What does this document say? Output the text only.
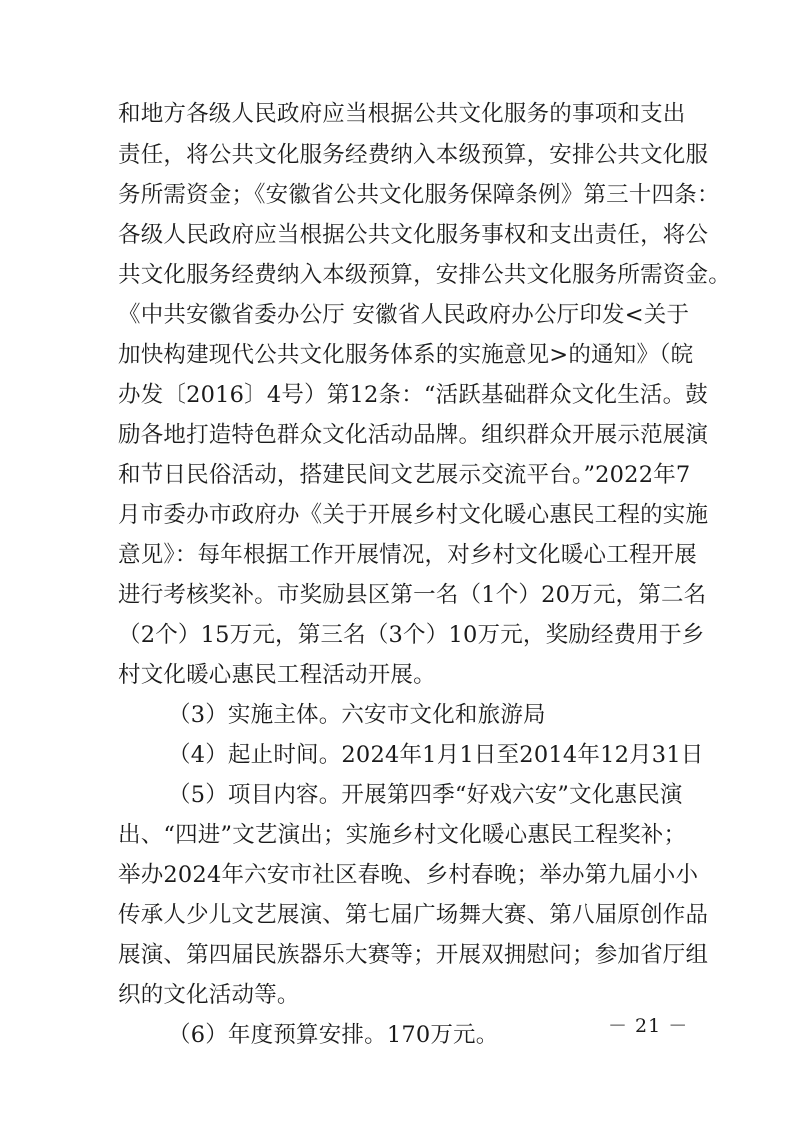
和地方各级人民政府应当根据公共文化服务的事项和支出
责任，将公共文化服务经费纳入本级预算，安排公共文化服
务所需资金；《安徽省公共文化服务保障条例》第三十四条：
各级人民政府应当根据公共文化服务事权和支出责任，将公
共文化服务经费纳入本级预算，安排公共文化服务所需资金。
《中共安徽省委办公厅 安徽省人民政府办公厅印发<关于
加快构建现代公共文化服务体系的实施意见>的通知》（皖
办发〔2016〕4号）第12条：“活跃基础群众文化生活。鼓
励各地打造特色群众文化活动品牌。组织群众开展示范展演
和节日民俗活动，搭建民间文艺展示交流平台。”2022年7
月市委办市政府办《关于开展乡村文化暖心惠民工程的实施
意见》：每年根据工作开展情况，对乡村文化暖心工程开展
进行考核奖补。市奖励县区第一名（1个）20万元，第二名
（2个）15万元，第三名（3个）10万元，奖励经费用于乡
村文化暖心惠民工程活动开展。
（3）实施主体。六安市文化和旅游局
（4）起止时间。2024年1月1日至2014年12月31日
（5）项目内容。开展第四季“好戏六安”文化惠民演
出、“四进”文艺演出；实施乡村文化暖心惠民工程奖补；
举办2024年六安市社区春晚、乡村春晚；举办第九届小小
传承人少儿文艺展演、第七届广场舞大赛、第八届原创作品
展演、第四届民族器乐大赛等；开展双拥慰问；参加省厅组
织的文化活动等。
（6）年度预算安排。170万元。	－ 21 －
